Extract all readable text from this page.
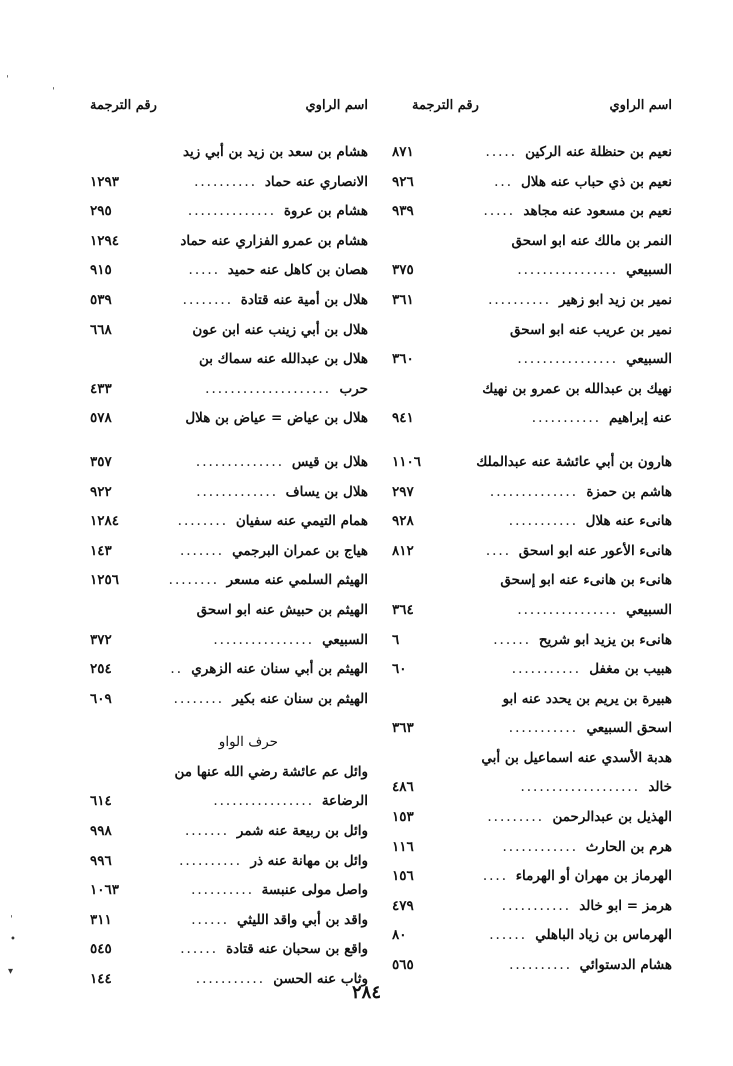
اسم الراوي
رقم الترجمة
نعيم بن حنظلة عنه الركين
.....
٨٧١
نعيم بن ذي حباب عنه هلال
...
٩٢٦
نعيم بن مسعود عنه مجاهد
.....
٩٣٩
النمر بن مالك عنه ابو اسحق
السبيعي
................
٣٧٥
نمير بن زيد ابو زهير
..........
٣٦١
نمير بن عريب عنه ابو اسحق
السبيعي
................
٣٦٠
نهيك بن عبدالله بن عمرو بن نهيك
عنه إبراهيم
...........
٩٤١
هارون بن أبي عائشة عنه عبدالملك
١١٠٦
هاشم بن حمزة
..............
٢٩٧
هانىء عنه هلال
...........
٩٢٨
هانىء الأعور عنه ابو اسحق
....
٨١٢
هانىء بن هانىء عنه ابو إسحق
السبيعي
................
٣٦٤
هانىء بن يزيد ابو شريح
......
٦
هبيب بن مغفل
...........
٦٠
هبيرة بن يريم بن يحدد عنه ابو
اسحق السبيعي
...........
٣٦٣
هدبة الأسدي عنه اسماعيل بن أبي
خالد
...................
٤٨٦
الهذيل بن عبدالرحمن
.........
١٥٣
هرم بن الحارث
............
١١٦
الهرماز بن مهران أو الهرماء
....
١٥٦
هرمز = ابو خالد
...........
٤٧٩
الهرماس بن زياد الباهلي
......
٨٠
هشام الدستوائي
..........
٥٦٥
اسم الراوي
رقم الترجمة
هشام بن سعد بن زيد بن أبي زيد
الانصاري عنه حماد
..........
١٢٩٣
هشام بن عروة
..............
٢٩٥
هشام بن عمرو الفزاري عنه حماد
١٢٩٤
هصان بن كاهل عنه حميد
.....
٩١٥
هلال بن أمية عنه قتادة
........
٥٣٩
هلال بن أبي زينب عنه ابن عون
٦٦٨
هلال بن عبدالله عنه سماك بن
حرب
....................
٤٣٣
هلال بن عياض = عياض بن هلال
٥٧٨
هلال بن قيس
..............
٣٥٧
هلال بن يساف
.............
٩٢٢
همام التيمي عنه سفيان
........
١٢٨٤
هياج بن عمران البرجمي
.......
١٤٣
الهيثم السلمي عنه مسعر
........
١٢٥٦
الهيثم بن حبيش عنه ابو اسحق
السبيعي
................
٣٧٢
الهيثم بن أبي سنان عنه الزهري
..
٢٥٤
الهيثم بن سنان عنه بكير
........
٦٠٩
حرف الواو
وائل عم عائشة رضي الله عنها من
الرضاعة
................
٦١٤
وائل بن ربيعة عنه شمر
.......
٩٩٨
وائل بن مهانة عنه ذر
..........
٩٩٦
واصل مولى عنبسة
..........
١٠٦٣
واقد بن أبي واقد الليثي
......
٣١١
واقع بن سحبان عنه قتادة
......
٥٤٥
وثاب عنه الحسن
...........
١٤٤
٢٨٤
ˌ
ˌ
ˌ
•
▾
